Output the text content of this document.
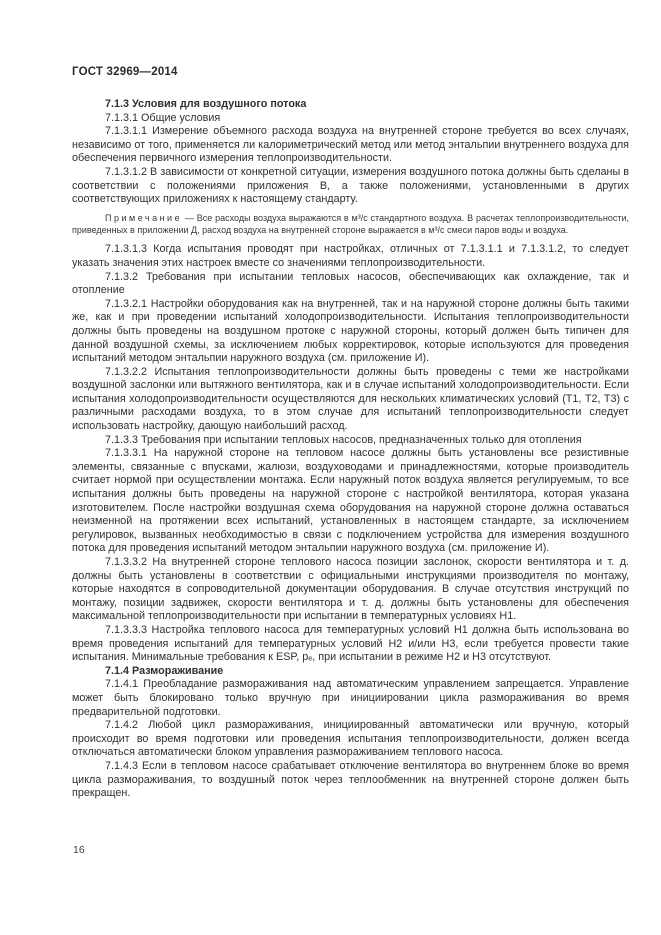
ГОСТ 32969—2014

7.1.3 Условия для воздушного потока

7.1.3.1 Общие условия

7.1.3.1.1 Измерение объемного расхода воздуха на внутренней стороне требуется во всех случаях, независимо от того, применяется ли калориметрический метод или метод энтальпии внутреннего воздуха для обеспечения первичного измерения теплопроизводительности.

7.1.3.1.2 В зависимости от конкретной ситуации, измерения воздушного потока должны быть сделаны в соответствии с положениями приложения В, а также положениями, установленными в других соответствующих приложениях к настоящему стандарту.

Примечание — Все расходы воздуха выражаются в м³/с стандартного воздуха. В расчетах теплопроизводительности, приведенных в приложении Д, расход воздуха на внутренней стороне выражается в м³/с смеси паров воды и воздуха.

7.1.3.1.3 Когда испытания проводят при настройках, отличных от 7.1.3.1.1 и 7.1.3.1.2, то следует указать значения этих настроек вместе со значениями теплопроизводительности.

7.1.3.2 Требования при испытании тепловых насосов, обеспечивающих как охлаждение, так и отопление

7.1.3.2.1 Настройки оборудования как на внутренней, так и на наружной стороне должны быть такими же, как и при проведении испытаний холодопроизводительности. Испытания теплопроизводительности должны быть проведены на воздушном протоке с наружной стороны, который должен быть типичен для данной воздушной схемы, за исключением любых корректировок, которые используются для проведения испытаний методом энтальпии наружного воздуха (см. приложение И).

7.1.3.2.2 Испытания теплопроизводительности должны быть проведены с теми же настройками воздушной заслонки или вытяжного вентилятора, как и в случае испытаний холодопроизводительности. Если испытания холодопроизводительности осуществляются для нескольких климатических условий (Т1, Т2, Т3) с различными расходами воздуха, то в этом случае для испытаний теплопроизводительности следует использовать настройку, дающую наибольший расход.

7.1.3.3 Требования при испытании тепловых насосов, предназначенных только для отопления

7.1.3.3.1 На наружной стороне на тепловом насосе должны быть установлены все резистивные элементы, связанные с впусками, жалюзи, воздуховодами и принадлежностями, которые производитель считает нормой при осуществлении монтажа. Если наружный поток воздуха является регулируемым, то все испытания должны быть проведены на наружной стороне с настройкой вентилятора, которая указана изготовителем. После настройки воздушная схема оборудования на наружной стороне должна оставаться неизменной на протяжении всех испытаний, установленных в настоящем стандарте, за исключением регулировок, вызванных необходимостью в связи с подключением устройства для измерения воздушного потока для проведения испытаний методом энтальпии наружного воздуха (см. приложение И).

7.1.3.3.2 На внутренней стороне теплового насоса позиции заслонок, скорости вентилятора и т. д. должны быть установлены в соответствии с официальными инструкциями производителя по монтажу, которые находятся в сопроводительной документации оборудования. В случае отсутствия инструкций по монтажу, позиции задвижек, скорости вентилятора и т. д. должны быть установлены для обеспечения максимальной теплопроизводительности при испытании в температурных условиях Н1.

7.1.3.3.3 Настройка теплового насоса для температурных условий Н1 должна быть использована во время проведения испытаний для температурных условий Н2 и/или Н3, если требуется провести такие испытания. Минимальные требования к ESP, pₑ, при испытании в режиме Н2 и Н3 отсутствуют.

7.1.4 Размораживание

7.1.4.1 Преобладание размораживания над автоматическим управлением запрещается. Управление может быть блокировано только вручную при инициировании цикла размораживания во время предварительной подготовки.

7.1.4.2 Любой цикл размораживания, инициированный автоматически или вручную, который происходит во время подготовки или проведения испытания теплопроизводительности, должен всегда отключаться автоматически блоком управления размораживанием теплового насоса.

7.1.4.3 Если в тепловом насосе срабатывает отключение вентилятора во внутреннем блоке во время цикла размораживания, то воздушный поток через теплообменник на внутренней стороне должен быть прекращен.

16
